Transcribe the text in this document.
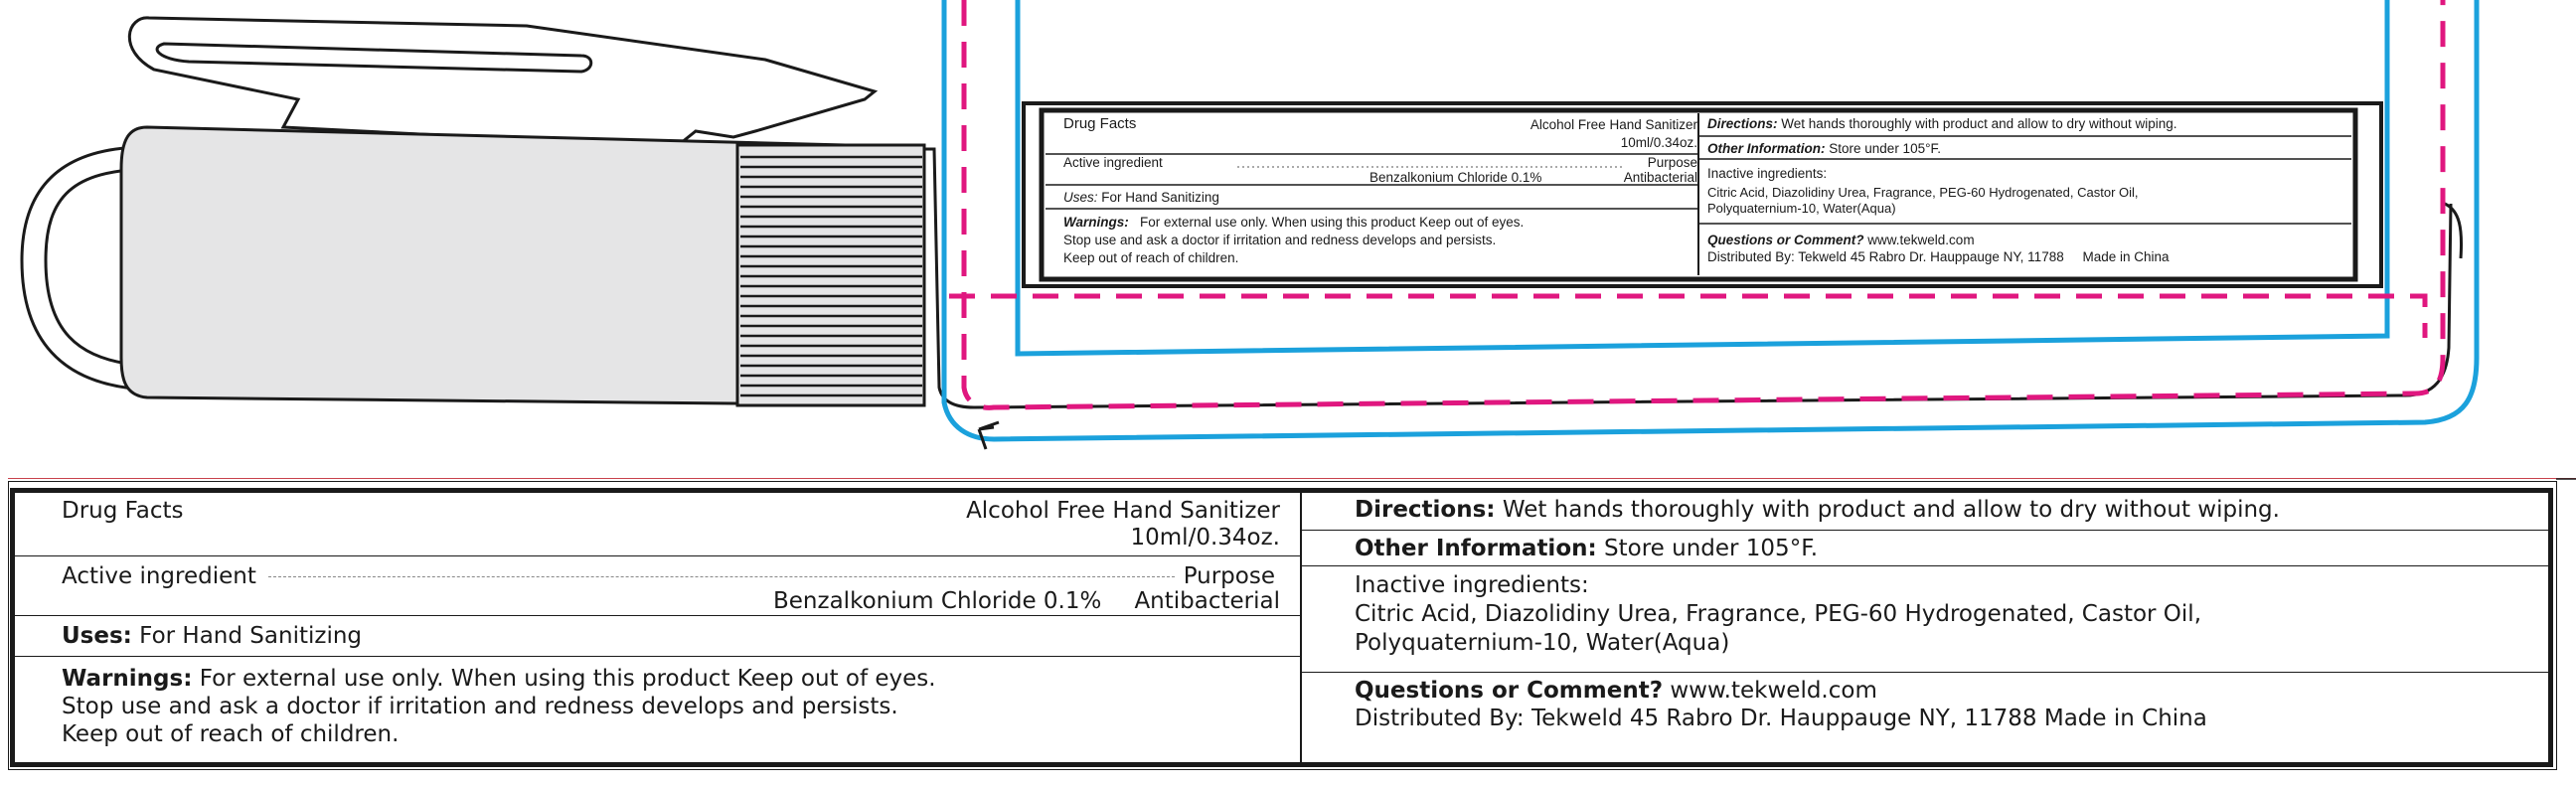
Drug Facts	Alcohol Free Hand Sanitizer
10ml/0.34oz.
Active ingredient	Purpose
Benzalkonium Chloride 0.1%	Antibacterial
Uses: For Hand Sanitizing
Warnings: For external use only. When using this product Keep out of eyes.
Stop use and ask a doctor if irritation and redness develops and persists.
Keep out of reach of children.
Directions: Wet hands thoroughly with product and allow to dry without wiping.
Other Information: Store under 105°F.
Inactive ingredients:
Citric Acid, Diazolidiny Urea, Fragrance, PEG-60 Hydrogenated, Castor Oil,
Polyquaternium-10, Water(Aqua)
Questions or Comment? www.tekweld.com
Distributed By: Tekweld 45 Rabro Dr. Hauppauge NY, 11788 Made in China
Drug Facts	Alcohol Free Hand Sanitizer
10ml/0.34oz.
Active ingredient	Purpose
Benzalkonium Chloride 0.1%	Antibacterial
Uses: For Hand Sanitizing
Warnings: For external use only. When using this product Keep out of eyes.
Stop use and ask a doctor if irritation and redness develops and persists.
Keep out of reach of children.
Directions: Wet hands thoroughly with product and allow to dry without wiping.
Other Information: Store under 105°F.
Inactive ingredients:
Citric Acid, Diazolidiny Urea, Fragrance, PEG-60 Hydrogenated, Castor Oil,
Polyquaternium-10, Water(Aqua)
Questions or Comment? www.tekweld.com
Distributed By: Tekweld 45 Rabro Dr. Hauppauge NY, 11788 Made in China
